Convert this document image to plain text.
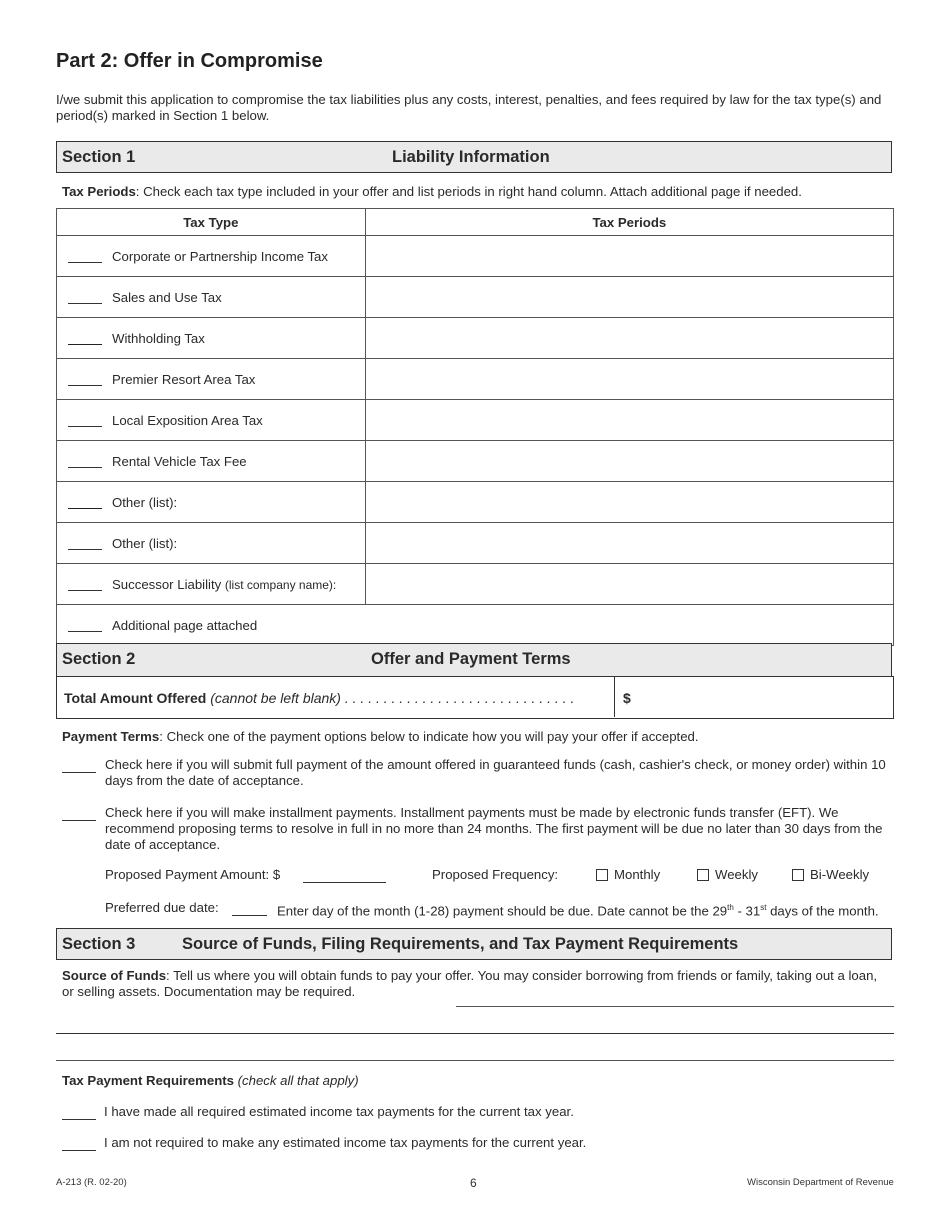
Part 2: Offer in Compromise
I/we submit this application to compromise the tax liabilities plus any costs, interest, penalties, and fees required by law for the tax type(s) and period(s) marked in Section 1 below.
Section 1	Liability Information
Tax Periods: Check each tax type included in your offer and list periods in right hand column. Attach additional page if needed.
Tax Type	Tax Periods
Corporate or Partnership Income Tax	
Sales and Use Tax	
Withholding Tax	
Premier Resort Area Tax	
Local Exposition Area Tax	
Rental Vehicle Tax Fee	
Other (list):	
Other (list):	
Successor Liability (list company name):	
Additional page attached	
Section 2	Offer and Payment Terms
Total Amount Offered (cannot be left blank) . . . . . . . . . . . . . . . . . . . . . . . . . . . . . .	$
Payment Terms: Check one of the payment options below to indicate how you will pay your offer if accepted.
Check here if you will submit full payment of the amount offered in guaranteed funds (cash, cashier's check, or money order) within 10 days from the date of acceptance.
Check here if you will make installment payments. Installment payments must be made by electronic funds transfer (EFT). We recommend proposing terms to resolve in full in no more than 24 months. The first payment will be due no later than 30 days from the date of acceptance.
Proposed Payment Amount: $	Proposed Frequency:	Monthly	Weekly	Bi-Weekly
Preferred due date:	Enter day of the month (1-28) payment should be due. Date cannot be the 29th - 31st days of the month.
Section 3	Source of Funds, Filing Requirements, and Tax Payment Requirements
Source of Funds: Tell us where you will obtain funds to pay your offer. You may consider borrowing from friends or family, taking out a loan, or selling assets. Documentation may be required.
Tax Payment Requirements (check all that apply)
I have made all required estimated income tax payments for the current tax year.
I am not required to make any estimated income tax payments for the current year.
A-213 (R. 02-20)	6	Wisconsin Department of Revenue
